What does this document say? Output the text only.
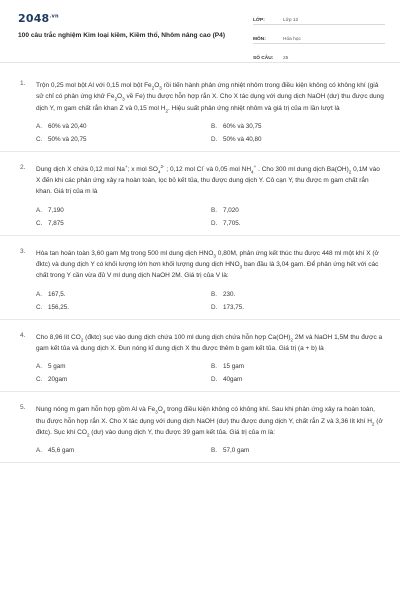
$2048^{.vn}$
100 câu trắc nghiệm Kim loại kiềm, Kiềm thổ, Nhôm nâng cao (P4)
LỚP:	Lớp 12
MÔN:	Hóa học
SỐ CÂU:	25
1. Trộn 0,25 mol bột Al với 0,15 mol bột $Fe_2O_3$ rồi tiến hành phản ứng nhiệt nhôm trong điều kiện không có không khí (giả sử chỉ có phản ứng khử $Fe_2O_3$ về Fe) thu được hỗn hợp rắn X. Cho X tác dụng với dung dịch NaOH (dư) thu được dung dịch Y, m gam chất rắn khan Z và 0,15 mol $H_2$. Hiệu suất phản ứng nhiệt nhôm và giá trị của m lần lượt là
A. 60% và 20,40	B. 60% và 30,75
C. 50% và 20,75	D. 50% và 40,80
2. Dung dịch X chứa 0,12 mol Na+; x mol $SO_4^{2-}$ ; 0,12 mol Cl- và 0,05 mol $NH_4^+$ . Cho 300 ml dung dịch $Ba(OH)_2$ 0,1M vào X đến khi các phản ứng xảy ra hoàn toàn, lọc bỏ kết tủa, thu được dung dịch Y. Cô cạn Y, thu được m gam chất rắn khan. Giá trị của m là
A. 7,190	B. 7,020
C. 7,875	D. 7,705.
3. Hòa tan hoàn toàn 3,60 gam Mg trong 500 ml dung dịch $HNO_3$ 0,80M, phản ứng kết thúc thu được 448 ml một khí X (ở đktc) và dung dịch Y có khối lượng lớn hơn khối lượng dung dịch $HNO_3$ ban đầu là 3,04 gam. Để phản ứng hết với các chất trong Y cần vừa đủ V ml dung dịch NaOH 2M. Giá trị của V là:
A. 167,5.	B. 230.
C. 156,25.	D. 173,75.
4. Cho 8,96 lít $CO_2$ (đktc) sục vào dung dịch chứa 100 ml dung dịch chứa hỗn hợp $Ca(OH)_2$ 2M và NaOH 1,5M thu được a gam kết tủa và dung dịch X. Đun nóng kĩ dung dịch X thu được thêm b gam kết tủa. Giá trị (a + b) là
A. 5 gam	B. 15 gam
C. 20gam	D. 40gam
5. Nung nóng m gam hỗn hợp gồm Al và $Fe_3O_4$ trong điều kiện không có không khí. Sau khi phản ứng xảy ra hoàn toàn, thu được hỗn hợp rắn X. Cho X tác dụng với dung dịch NaOH (dư) thu được dung dịch Y, chất rắn Z và 3,36 lít khí $H_2$ (ở đktc). Sục khí $CO_2$ (dư) vào dung dịch Y, thu được 39 gam kết tủa. Giá trị của m là:
A. 45,6 gam	B. 57,0 gam
